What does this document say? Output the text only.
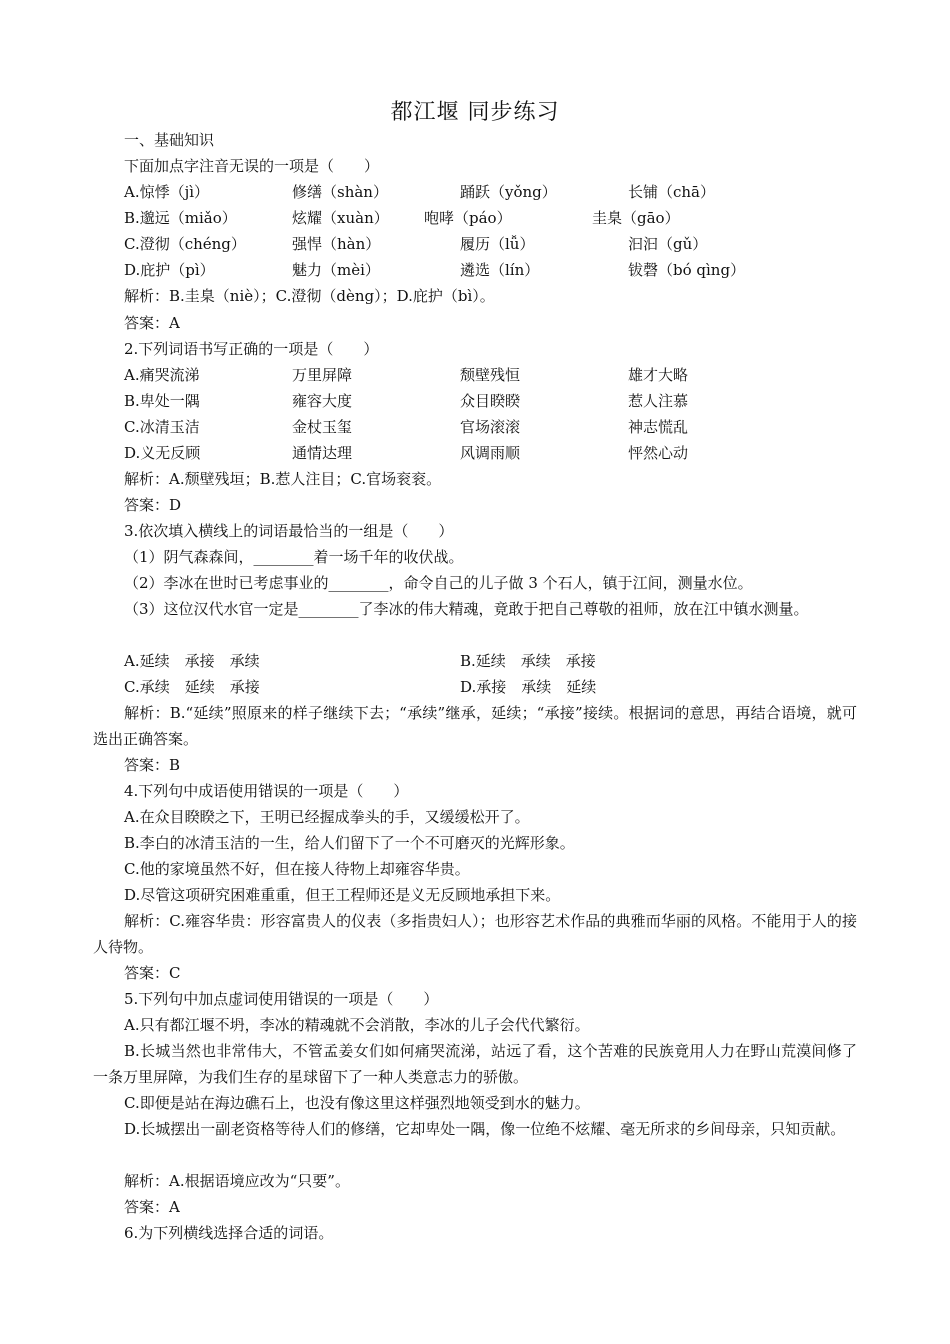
都江堰 同步练习
一、基础知识
下面加点字注音无误的一项是（　　）
A.惊悸（jì）	修缮（shàn）	踊跃（yǒng）	长铺（chā）
B.邈远（miǎo）	炫耀（xuàn） 咆哮（páo）	圭臬（gāo）
C.澄彻（chéng）	强悍（hàn）	履历（lǚ）	汩汩（gǔ）
D.庇护（pì）	魅力（mèi）	遴选（lín）	钹磬（bó qìng）
解析：B.圭臬（niè）；C.澄彻（dèng）；D.庇护（bì）。
答案：A
2.下列词语书写正确的一项是（　　）
A.痛哭流涕	万里屏障	颓壁残恒	雄才大略
B.卑处一隅	雍容大度	众目睽睽	惹人注慕
C.冰清玉洁	金杖玉玺	官场滚滚	神志慌乱
D.义无反顾	通情达理	风调雨顺	怦然心动
解析：A.颓壁残垣；B.惹人注目；C.官场衮衮。
答案：D
3.依次填入横线上的词语最恰当的一组是（　　）
（1）阴气森森间，________着一场千年的收伏战。
（2）李冰在世时已考虑事业的________，命令自己的儿子做 3 个石人，镇于江间，测量水位。
（3）这位汉代水官一定是________了李冰的伟大精魂，竟敢于把自己尊敬的祖师，放在江中镇水测量。
A.延续　承接　承续	B.延续　承续　承接
C.承续　延续　承接	D.承接　承续　延续
解析：B.“延续”照原来的样子继续下去；“承续”继承，延续；“承接”接续。根据词的意思，再结合语境，就可选出正确答案。
答案：B
4.下列句中成语使用错误的一项是（　　）
A.在众目睽睽之下，王明已经握成拳头的手，又缓缓松开了。
B.李白的冰清玉洁的一生，给人们留下了一个不可磨灭的光辉形象。
C.他的家境虽然不好，但在接人待物上却雍容华贵。
D.尽管这项研究困难重重，但王工程师还是义无反顾地承担下来。
解析：C.雍容华贵：形容富贵人的仪表（多指贵妇人）；也形容艺术作品的典雅而华丽的风格。不能用于人的接人待物。
答案：C
5.下列句中加点虚词使用错误的一项是（　　）
A.只有都江堰不坍，李冰的精魂就不会消散，李冰的儿子会代代繁衍。
B.长城当然也非常伟大，不管孟姜女们如何痛哭流涕，站远了看，这个苦难的民族竟用人力在野山荒漠间修了一条万里屏障，为我们生存的星球留下了一种人类意志力的骄傲。
C.即便是站在海边礁石上，也没有像这里这样强烈地领受到水的魅力。
D.长城摆出一副老资格等待人们的修缮，它却卑处一隅，像一位绝不炫耀、毫无所求的乡间母亲，只知贡献。
解析：A.根据语境应改为“只要”。
答案：A
6.为下列横线选择合适的词语。
